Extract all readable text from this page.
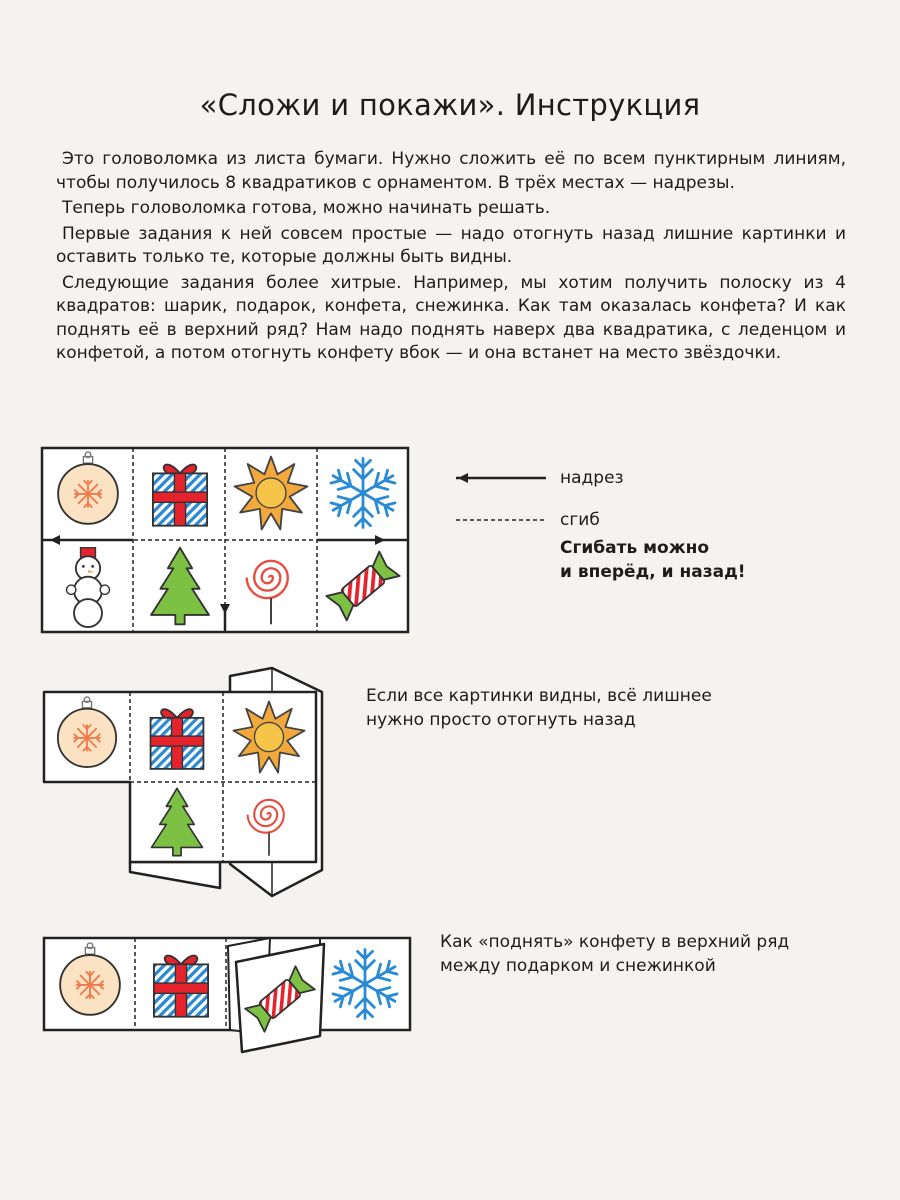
«Сложи и покажи». Инструкция

Это головоломка из листа бумаги. Нужно сложить её по всем пунктирным линиям, чтобы получилось 8 квадратиков с орнаментом. В трёх местах — надрезы.

Теперь головоломка готова, можно начинать решать.

Первые задания к ней совсем простые — надо отогнуть назад лишние картинки и оставить только те, которые должны быть видны.

Следующие задания более хитрые. Например, мы хотим получить полоску из 4 квадратов: шарик, подарок, конфета, снежинка. Как там оказалась конфета? И как поднять её в верхний ряд? Нам надо поднять наверх два квадратика, с леденцом и конфетой, а потом отогнуть конфету вбок — и она встанет на место звёздочки.

надрез
сгиб
Сгибать можно
и вперёд, и назад!
Если все картинки видны, всё лишнее
нужно просто отогнуть назад
Как «поднять» конфету в верхний ряд
между подарком и снежинкой
